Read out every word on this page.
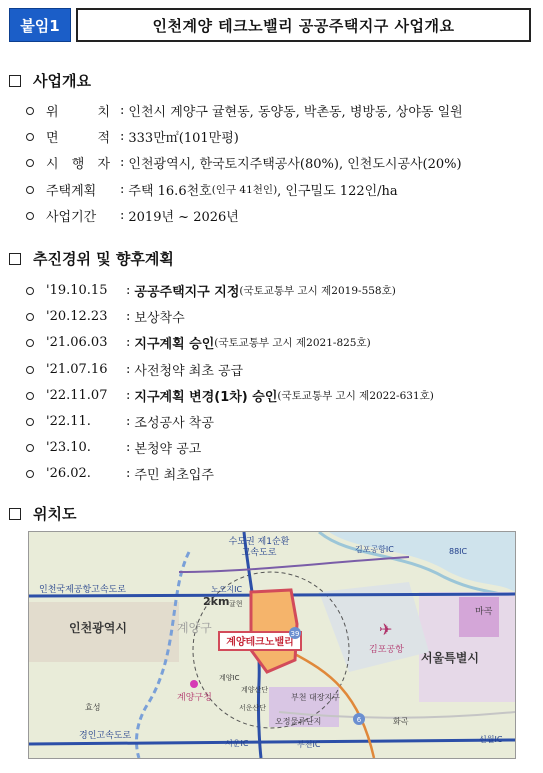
붙임1	인천계양 테크노밸리 공공주택지구 사업개요
사업개요
위	치 : 인천시 계양구 귤현동, 동양동, 박촌동, 병방동, 상야동 일원
면	적 : 333만㎡(101만평)
시 행 자 : 인천광역시, 한국토지주택공사(80%), 인천도시공사(20%)
주택계획	: 주택 16.6천호 (인구 41천인) , 인구밀도 122인/ha
사업기간	: 2019년 ~ 2026년
추진경위 및 향후계획
'19.10.15	: 공공주택지구 지정 (국토교통부 고시 제2019-558호)
'20.12.23	: 보상착수
'21.06.03	: 지구계획 승인 (국토교통부 고시 제2021-825호)
'21.07.16	: 사전청약 최초 공급
'22.11.07	: 지구계획 변경(1차) 승인 (국토교통부 고시 제2022-631호)
'22.11.	: 조성공사 착공
'23.10.	: 본청약 공고
'26.02.	: 주민 최초입주
위치도
계양테크노밸리
수도권 제1순환
고속도로
인천국제공항고속도로
경인고속도로
인천광역시	계양구
서울특별시
김포공항
✈
김포공항IC
계양구청	부천 대장지구
오정물류단지
2km
노오지IC
귤현
계양IC
계양산단
서운산단
서운IC	부천IC
신월IC
마곡
효성
화곡
39
6
88IC
